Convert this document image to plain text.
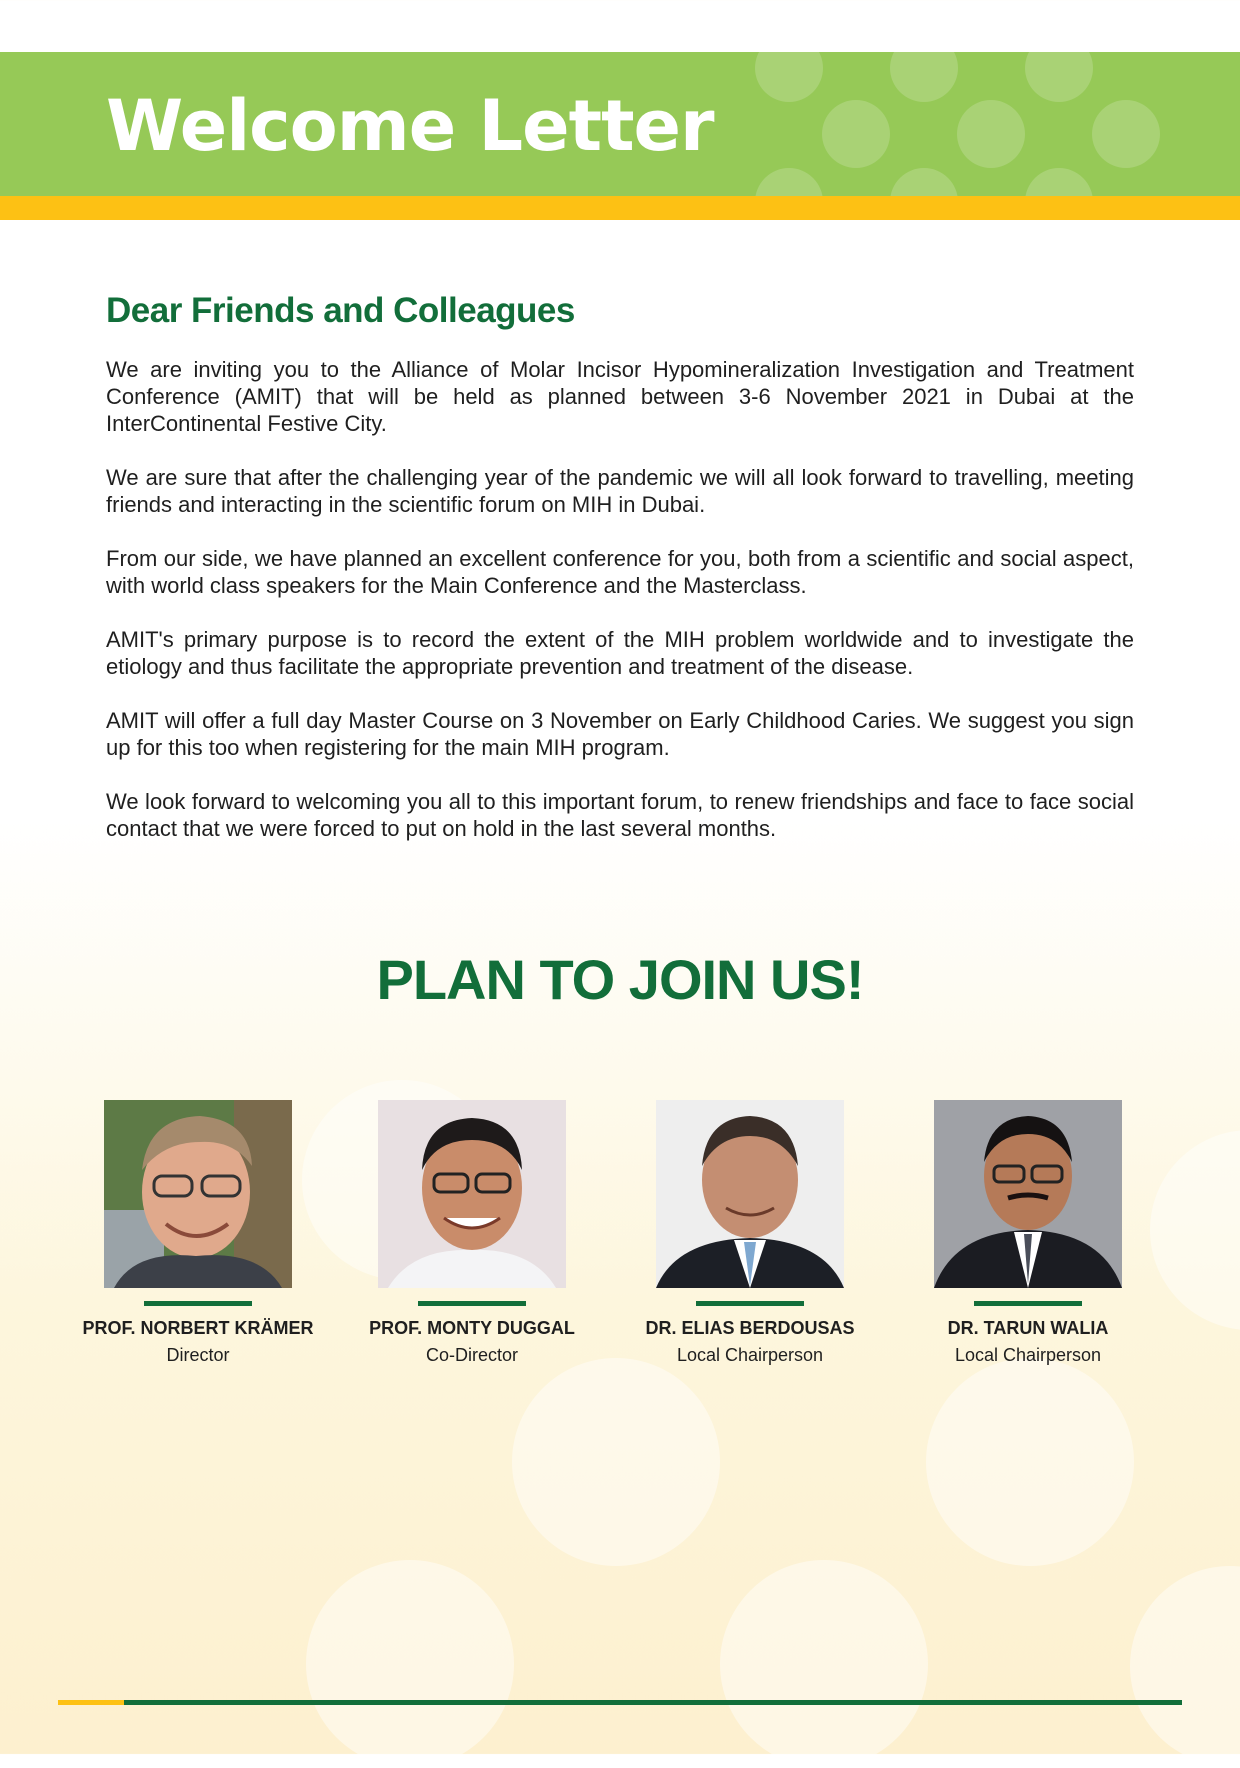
Welcome Letter
Dear Friends and Colleagues

We are inviting you to the Alliance of Molar Incisor Hypomineralization Investigation and Treatment Conference (AMIT) that will be held as planned between 3-6 November 2021 in Dubai at the InterContinental Festive City.

We are sure that after the challenging year of the pandemic we will all look forward to travelling, meeting friends and interacting in the scientific forum on MIH in Dubai.

From our side, we have planned an excellent conference for you, both from a scientific and social aspect, with world class speakers for the Main Conference and the Masterclass.

AMIT's primary purpose is to record the extent of the MIH problem worldwide and to investigate the etiology and thus facilitate the appropriate prevention and treatment of the disease.

AMIT will offer a full day Master Course on 3 November on Early Childhood Caries. We suggest you sign up for this too when registering for the main MIH program.

We look forward to welcoming you all to this important forum, to renew friendships and face to face social contact that we were forced to put on hold in the last several months.

PLAN TO JOIN US!
PROF. NORBERT KRÄMER
Director
PROF. MONTY DUGGAL
Co-Director
DR. ELIAS BERDOUSAS
Local Chairperson
DR. TARUN WALIA
Local Chairperson
